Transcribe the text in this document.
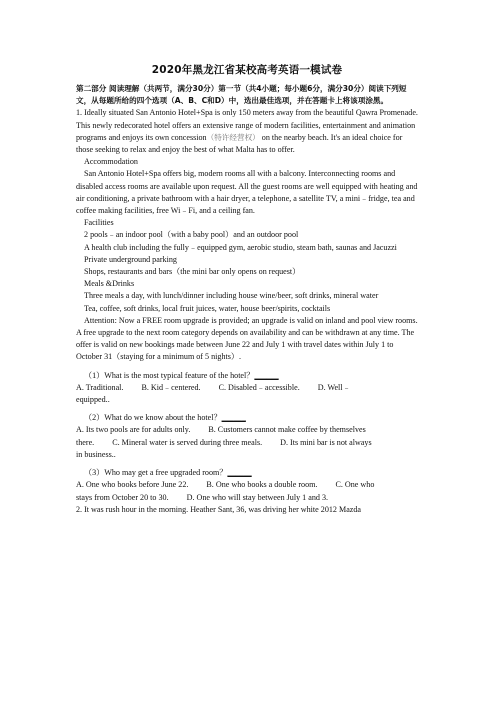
2020年黑龙江省某校高考英语一模试卷

第二部分 阅读理解（共两节，满分30分）第一节（共4小题；每小题6分，满分30分）阅读下列短文，从每题所给的四个选项（A、B、C和D）中，选出最佳选项，并在答题卡上将该项涂黑。

1. Ideally situated San Antonio Hotel+Spa is only 150 meters away from the beautiful Qawra Promenade. This newly redecorated hotel offers an extensive range of modern facilities, entertainment and animation programs and enjoys its own concession（特许经营权） on the nearby beach. It's an ideal choice for those seeking to relax and enjoy the best of what Malta has to offer.

Accommodation

San Antonio Hotel+Spa offers big, modern rooms all with a balcony. Interconnecting rooms and disabled access rooms are available upon request. All the guest rooms are well equipped with heating and air conditioning, a private bathroom with a hair dryer, a telephone, a satellite TV, a mini﹣fridge, tea and coffee making facilities, free Wi﹣Fi, and a ceiling fan.

Facilities

2 pools﹣an indoor pool（with a baby pool）and an outdoor pool

A health club including the fully﹣equipped gym, aerobic studio, steam bath, saunas and Jacuzzi

Private underground parking

Shops, restaurants and bars（the mini bar only opens on request）

Meals &Drinks

Three meals a day, with lunch/dinner including house wine/beer, soft drinks, mineral water

Tea, coffee, soft drinks, local fruit juices, water, house beer/spirits, cocktails

Attention: Now a FREE room upgrade is provided; an upgrade is valid on inland and pool view rooms. A free upgrade to the next room category depends on availability and can be withdrawn at any time. The offer is valid on new bookings made between June 22 and July 1 with travel dates within July 1 to October 31（staying for a minimum of 5 nights）.

（1）What is the most typical feature of the hotel？______

A. Traditional. B. Kid﹣centered. C. Disabled﹣accessible. D. Well﹣

equipped..

（2）What do we know about the hotel？______

A. Its two pools are for adults only. B. Customers cannot make coffee by themselves

there. C. Mineral water is served during three meals. D. Its mini bar is not always

in business..

（3）Who may get a free upgraded room？______

A. One who books before June 22. B. One who books a double room. C. One who

stays from October 20 to 30. D. One who will stay between July 1 and 3.

2. It was rush hour in the morning. Heather Sant, 36, was driving her white 2012 Mazda
